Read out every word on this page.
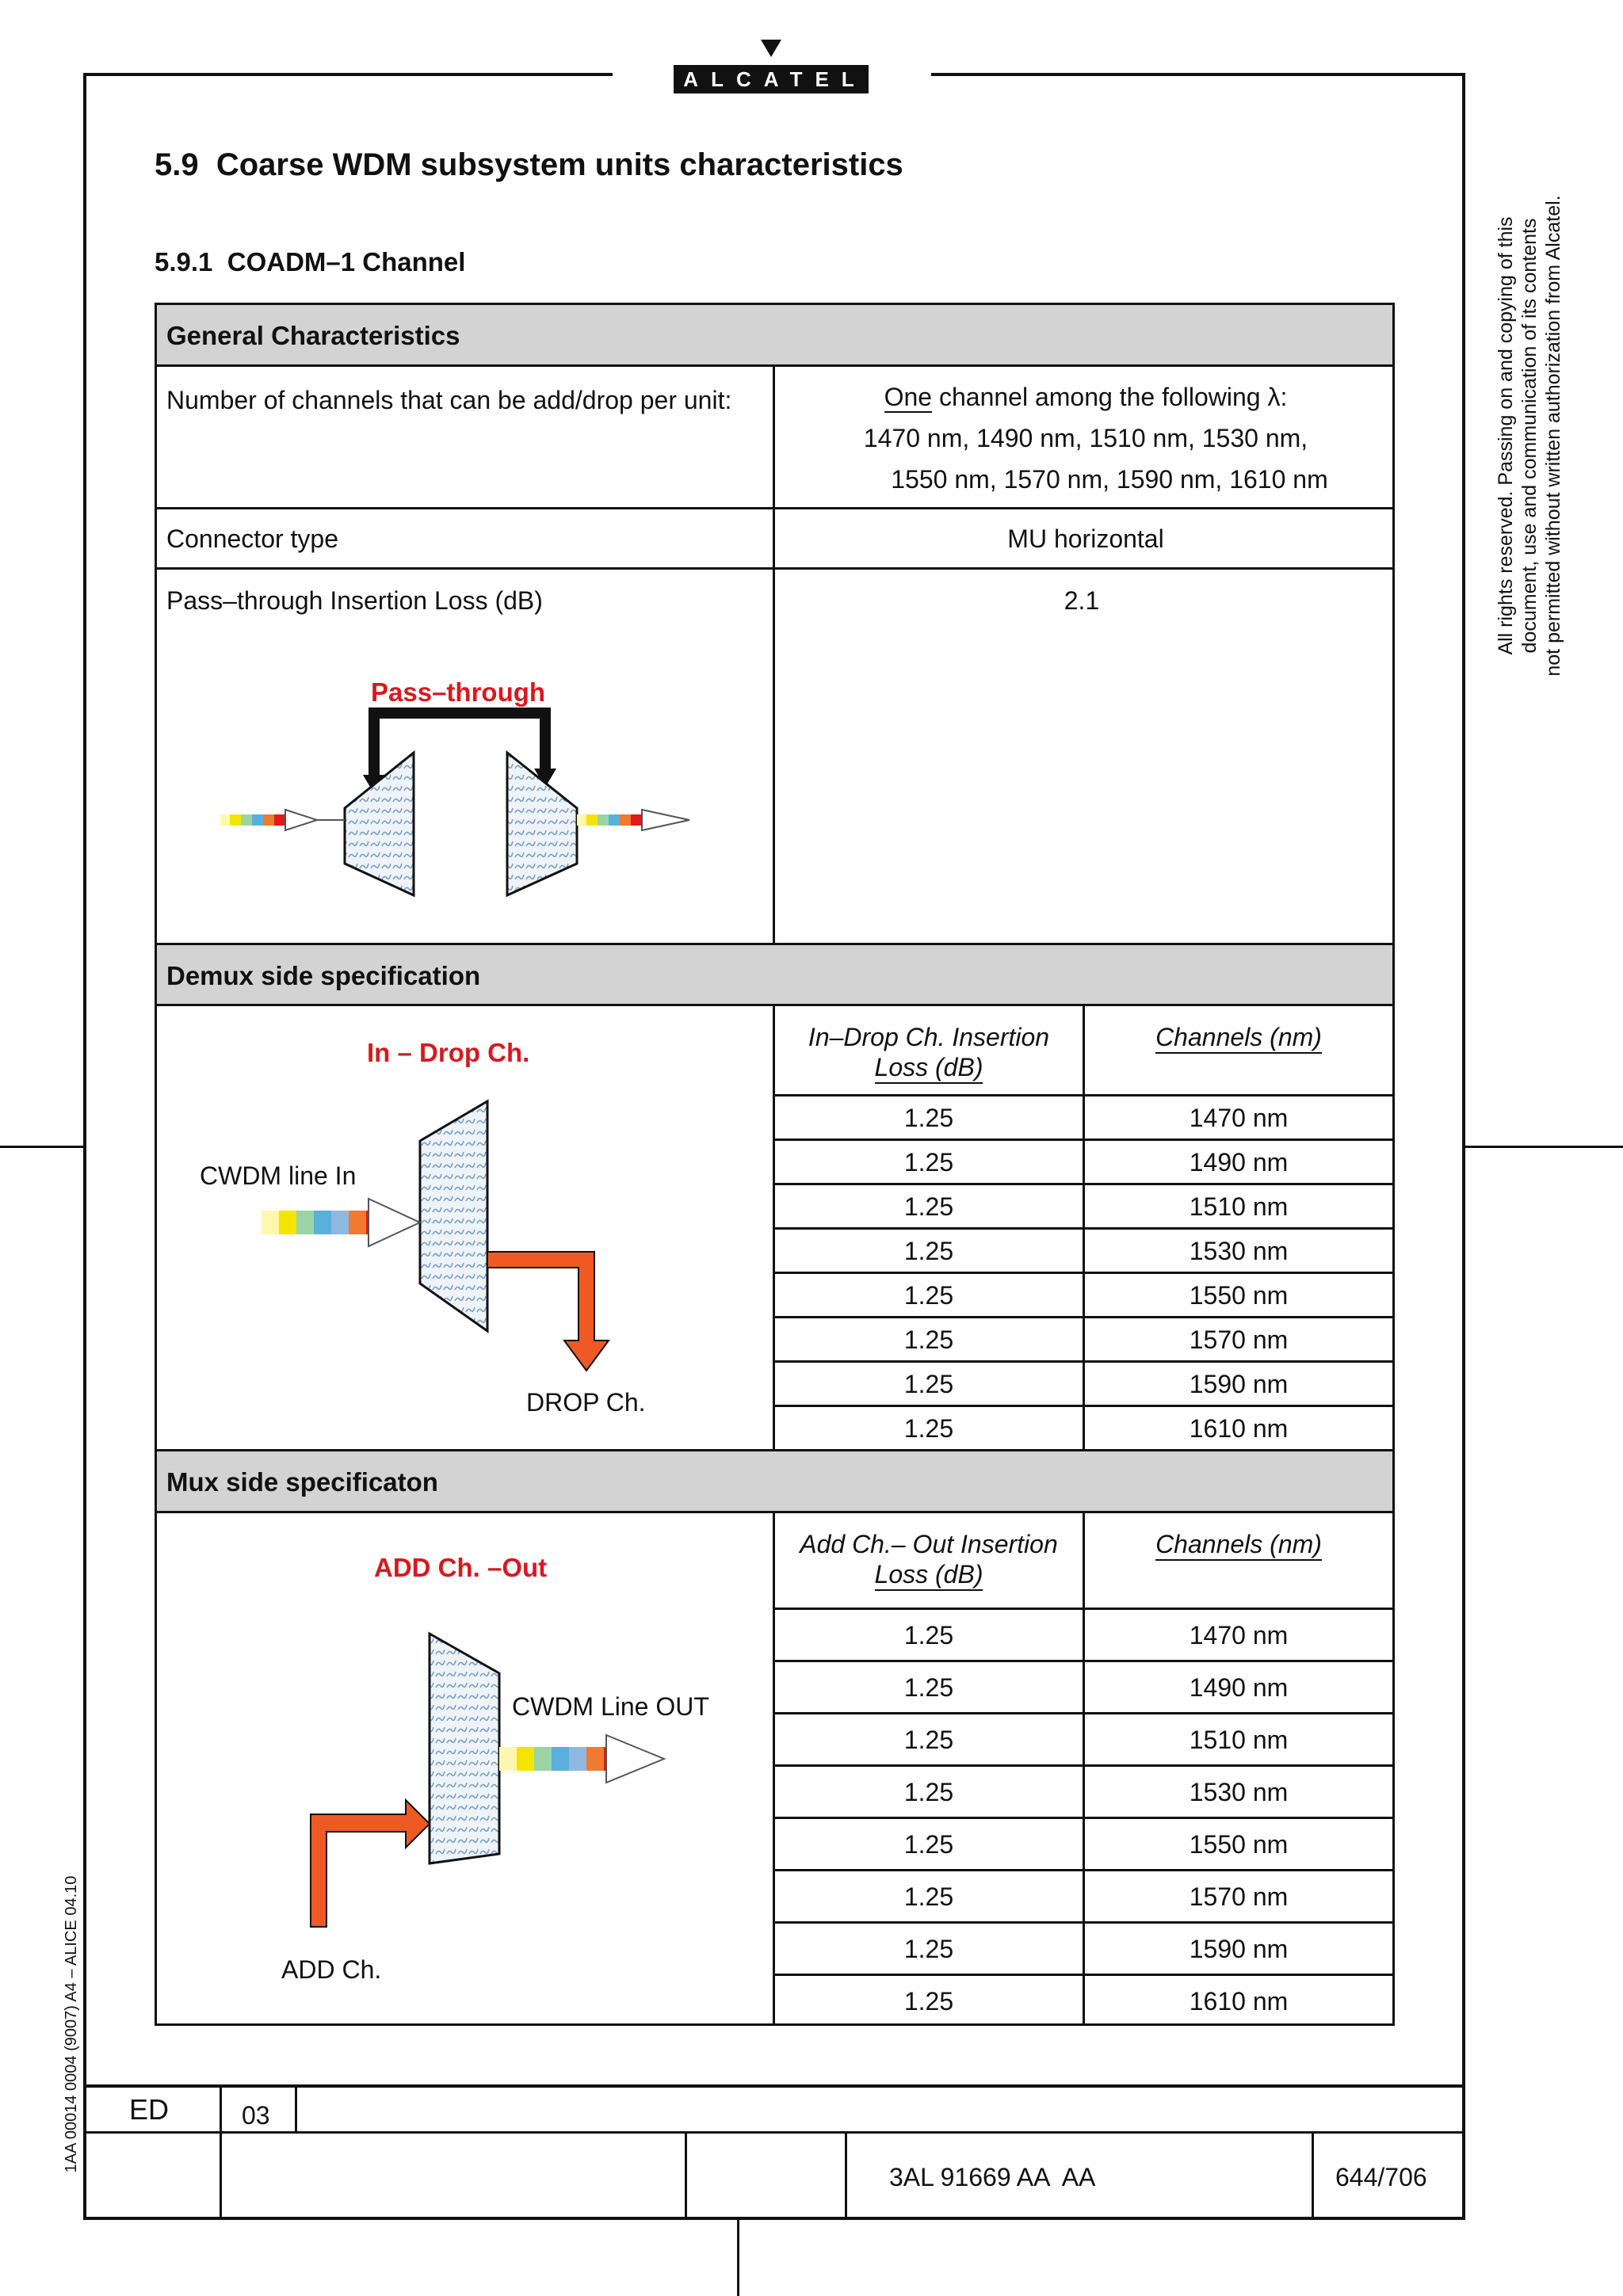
ALCATEL
5.9  Coarse WDM subsystem units characteristics
5.9.1  COADM–1 Channel
General Characteristics
Number of channels that can be add/drop per unit:	One channel among the following λ:
1470 nm, 1490 nm, 1510 nm, 1530 nm,
1550 nm, 1570 nm, 1590 nm, 1610 nm
Connector type	MU horizontal
Pass–through Insertion Loss (dB)	2.1
Pass–through
Demux side specification
In–Drop Ch. Insertion
Loss (dB)
Channels (nm)
1.25	1470 nm
1.25	1490 nm
1.25	1510 nm
1.25	1530 nm
1.25	1550 nm
1.25	1570 nm
1.25	1590 nm
1.25	1610 nm
In – Drop Ch.
CWDM line In
DROP Ch.
Mux side specificaton
Add Ch.– Out Insertion
Loss (dB)
Channels (nm)
1.25	1470 nm
1.25	1490 nm
1.25	1510 nm
1.25	1530 nm
1.25	1550 nm
1.25	1570 nm
1.25	1590 nm
1.25	1610 nm
ADD Ch. –Out
CWDM Line OUT
ADD Ch.
All rights reserved. Passing on and copying of this document, use and communication of its contents not permitted without written authorization from Alcatel.
1AA 00014 0004 (9007) A4 – ALICE 04.10 ED	03
3AL 91669 AA  AA	644/706
